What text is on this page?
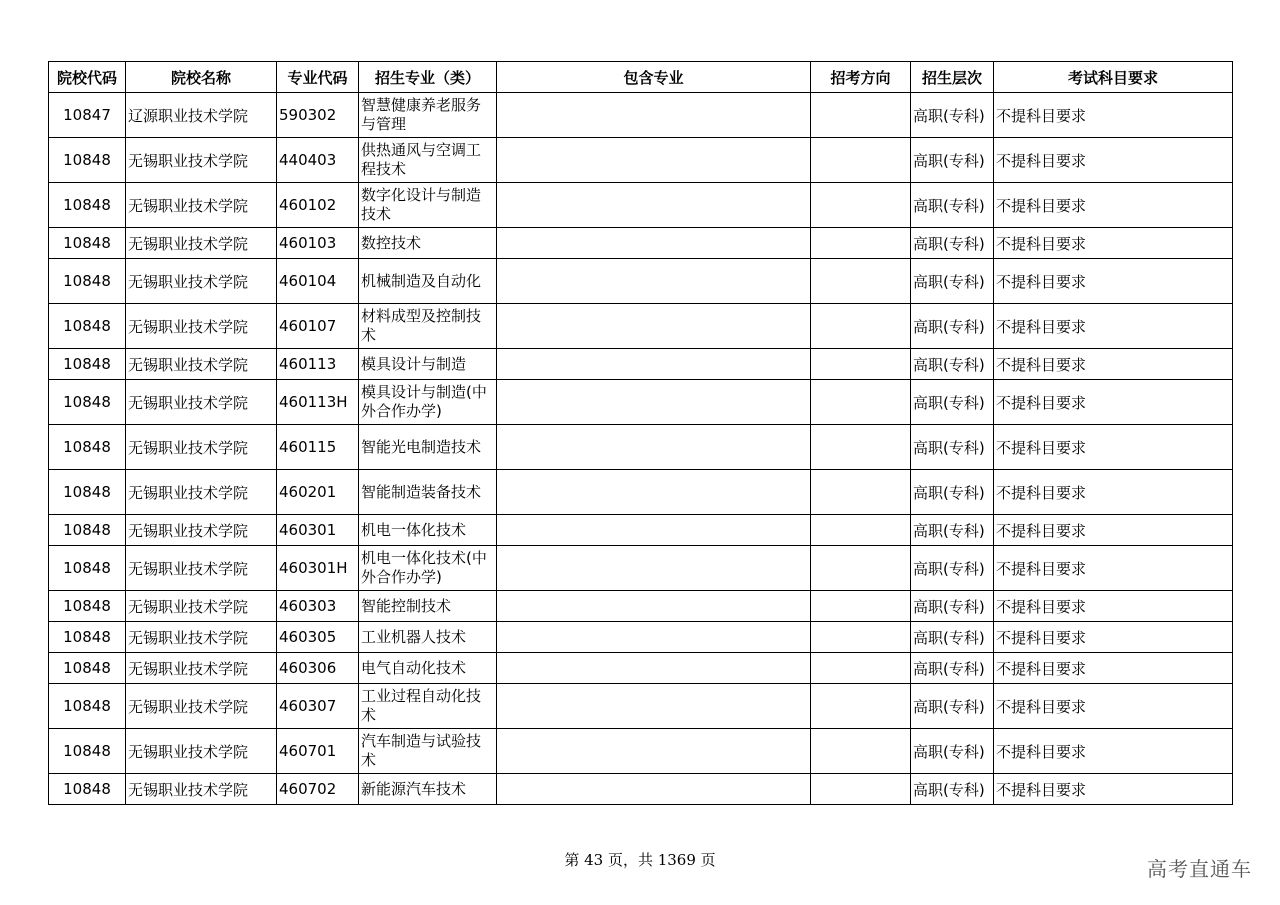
院校代码	院校名称	专业代码	招生专业（类）	包含专业	招考方向	招生层次	考试科目要求
10847	辽源职业技术学院	590302	智慧健康养老服务与管理			高职(专科)	不提科目要求
10848	无锡职业技术学院	440403	供热通风与空调工程技术			高职(专科)	不提科目要求
10848	无锡职业技术学院	460102	数字化设计与制造技术			高职(专科)	不提科目要求
10848	无锡职业技术学院	460103	数控技术			高职(专科)	不提科目要求
10848	无锡职业技术学院	460104	机械制造及自动化			高职(专科)	不提科目要求
10848	无锡职业技术学院	460107	材料成型及控制技术			高职(专科)	不提科目要求
10848	无锡职业技术学院	460113	模具设计与制造			高职(专科)	不提科目要求
10848	无锡职业技术学院	460113H	模具设计与制造(中外合作办学)			高职(专科)	不提科目要求
10848	无锡职业技术学院	460115	智能光电制造技术			高职(专科)	不提科目要求
10848	无锡职业技术学院	460201	智能制造装备技术			高职(专科)	不提科目要求
10848	无锡职业技术学院	460301	机电一体化技术			高职(专科)	不提科目要求
10848	无锡职业技术学院	460301H	机电一体化技术(中外合作办学)			高职(专科)	不提科目要求
10848	无锡职业技术学院	460303	智能控制技术			高职(专科)	不提科目要求
10848	无锡职业技术学院	460305	工业机器人技术			高职(专科)	不提科目要求
10848	无锡职业技术学院	460306	电气自动化技术			高职(专科)	不提科目要求
10848	无锡职业技术学院	460307	工业过程自动化技术			高职(专科)	不提科目要求
10848	无锡职业技术学院	460701	汽车制造与试验技术			高职(专科)	不提科目要求
10848	无锡职业技术学院	460702	新能源汽车技术			高职(专科)	不提科目要求
第 43 页，共 1369 页	高考直通车
